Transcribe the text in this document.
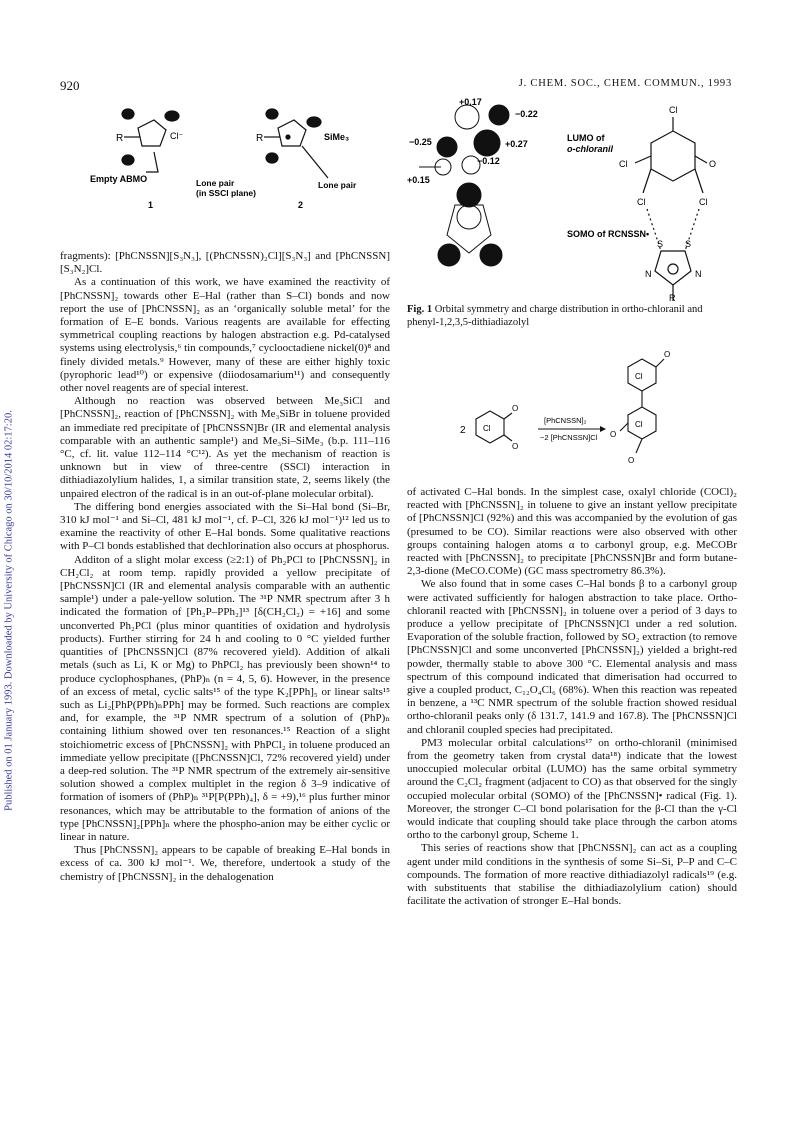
Published on 01 January 1993. Downloaded by University of Chicago on 30/10/2014 02:17:20.
920	J. CHEM. SOC., CHEM. COMMUN., 1993
R	Cl⁻
Empty ABMO	Lone pair
(in SSCl plane)
1
R	SiMe₃
Lone pair
2
+0.17
−0.22
−0.25	+0.27
−0.12
+0.15
LUMO of
o-chloranil
SOMO of RCNSSN•
Cl
O
Cl
Cl	Cl
S S
N	N
R
Fig. 1 Orbital symmetry and charge distribution in ortho-chloranil and phenyl-1,2,3,5-dithiadiazolyl
2 Cl
O
O
[PhCNSSN]₂
−2 [PhCNSSN]Cl
Cl
Cl
O
O
O

fragments): [PhCNSSN][S₃N₃], [(PhCNSSN)₂Cl][S₃N₃] and [PhCNSSN][S₃N₂]Cl.

As a continuation of this work, we have examined the reactivity of [PhCNSSN]₂ towards other E–Hal (rather than S–Cl) bonds and now report the use of [PhCNSSN]₂ as an ‘organically soluble metal’ for the formation of E–E bonds. Various reagents are available for effecting symmetrical coupling reactions by halogen abstraction e.g. Pd-catalysed systems using electrolysis,⁶ tin compounds,⁷ cyclooctadiene nickel(0)⁸ and finely divided metals.⁹ However, many of these are either highly toxic (pyrophoric lead¹⁰) or expensive (diiodosamarium¹¹) and consequently other novel reagents are of special interest.

Although no reaction was observed between Me₃SiCl and [PhCNSSN]₂, reaction of [PhCNSSN]₂ with Me₃SiBr in toluene provided an immediate red precipitate of [PhCNSSN]Br (IR and elemental analysis comparable with an authentic sample¹) and Me₃Si–SiMe₃ (b.p. 111–116 °C, cf. lit. value 112–114 °C¹²). As yet the mechanism of reaction is unknown but in view of three-centre (SSCl) interaction in dithiadiazolylium halides, 1, a similar transition state, 2, seems likely (the unpaired electron of the radical is in an out-of-plane molecular orbital).

The differing bond energies associated with the Si–Hal bond (Si–Br, 310 kJ mol⁻¹ and Si–Cl, 481 kJ mol⁻¹, cf. P–Cl, 326 kJ mol⁻¹)¹² led us to examine the reactivity of other E–Hal bonds. Some qualitative reactions with P–Cl bonds established that dechlorination also occurs at phosphorus.

Additon of a slight molar excess (≥2:1) of Ph₂PCl to [PhCNSSN]₂ in CH₂Cl₂ at room temp. rapidly provided a yellow precipitate of [PhCNSSN]Cl (IR and elemental analysis comparable with an authentic sample¹) under a pale-yellow solution. The ³¹P NMR spectrum after 3 h indicated the formation of [Ph₂P–PPh₂]¹³ [δ(CH₂Cl₂) = +16] and some unconverted Ph₂PCl (plus minor quantities of oxidation and hydrolysis products). Further stirring for 24 h and cooling to 0 °C yielded further quantities of [PhCNSSN]Cl (87% recovered yield). Addition of alkali metals (such as Li, K or Mg) to PhPCl₂ has previously been shown¹⁴ to produce cyclophosphanes, (PhP)ₙ (n = 4, 5, 6). However, in the presence of an excess of metal, cyclic salts¹⁵ of the type K₂[PPh]₅ or linear salts¹⁵ such as Li₂[PhP(PPh)ₙPPh] may be formed. Such reactions are complex and, for example, the ³¹P NMR spectrum of a solution of (PhP)ₙ containing lithium showed over ten resonances.¹⁵ Reaction of a slight stoichiometric excess of [PhCNSSN]₂ with PhPCl₂ in toluene produced an immediate yellow precipitate ([PhCNSSN]Cl, 72% recovered yield) under a deep-red solution. The ³¹P NMR spectrum of the extremely air-sensitive solution showed a complex multiplet in the region δ 3–9 indicative of formation of isomers of (PhP)ₙ ³¹P[P(PPh)₄], δ = +9),¹⁶ plus further minor resonances, which may be attributable to the formation of anions of the type [PhCNSSN]₂[PPh]ₙ where the phospho-anion may be either cyclic or linear in nature.

Thus [PhCNSSN]₂ appears to be capable of breaking E–Hal bonds in excess of ca. 300 kJ mol⁻¹. We, therefore, undertook a study of the chemistry of [PhCNSSN]₂ in the dehalogenation

of activated C–Hal bonds. In the simplest case, oxalyl chloride (COCl)₂ reacted with [PhCNSSN]₂ in toluene to give an instant yellow precipitate of [PhCNSSN]Cl (92%) and this was accompanied by the evolution of gas (presumed to be CO). Similar reactions were also observed with other groups containing halogen atoms α to carbonyl group, e.g. MeCOBr reacted with [PhCNSSN]₂ to precipitate [PhCNSSN]Br and form butane-2,3-dione (MeCO.COMe) (GC mass spectrometry 86.3%).

We also found that in some cases C–Hal bonds β to a carbonyl group were activated sufficiently for halogen abstraction to take place. Ortho-chloranil reacted with [PhCNSSN]₂ in toluene over a period of 3 days to produce a yellow precipitate of [PhCNSSN]Cl under a red solution. Evaporation of the soluble fraction, followed by SO₂ extraction (to remove [PhCNSSN]Cl and some unconverted [PhCNSSN]₂) yielded a bright-red powder, thermally stable to above 300 °C. Elemental analysis and mass spectrum of this compound indicated that dimerisation had occurred to give a coupled product, C₁₂O₄Cl₆ (68%). When this reaction was repeated in benzene, a ¹³C NMR spectrum of the soluble fraction showed residual ortho-chloranil peaks only (δ 131.7, 141.9 and 167.8). The [PhCNSSN]Cl and chloranil coupled species had precipitated.

PM3 molecular orbital calculations¹⁷ on ortho-chloranil (minimised from the geometry taken from crystal data¹⁸) indicate that the lowest unoccupied molecular orbital (LUMO) has the same orbital symmetry around the C₂Cl₂ fragment (adjacent to CO) as that observed for the singly occupied molecular orbital (SOMO) of the [PhCNSSN]• radical (Fig. 1). Moreover, the stronger C–Cl bond polarisation for the β-Cl than the γ-Cl would indicate that coupling should take place through the carbon atoms ortho to the carbonyl group, Scheme 1.

This series of reactions show that [PhCNSSN]₂ can act as a coupling agent under mild conditions in the synthesis of some Si–Si, P–P and C–C compounds. The formation of more reactive dithiadiazolyl radicals¹⁹ (e.g. with substituents that stabilise the dithiadiazolylium cation) should facilitate the activation of stronger E–Hal bonds.
